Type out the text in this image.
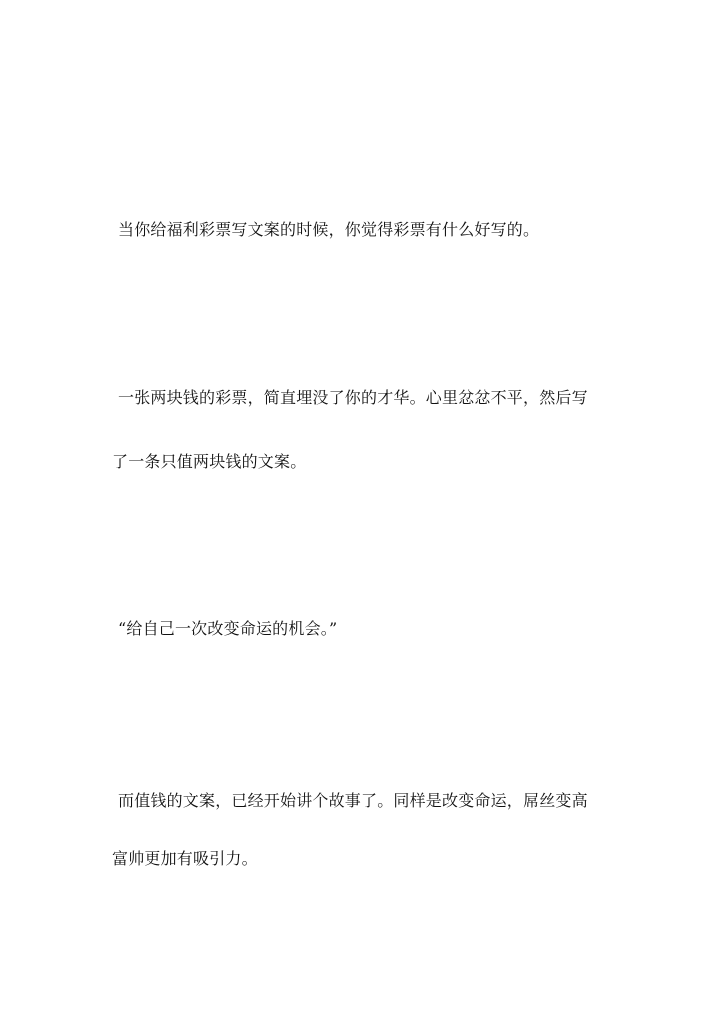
当你给福利彩票写文案的时候，你觉得彩票有什么好写的。
一张两块钱的彩票，简直埋没了你的才华。心里忿忿不平，然后写
了一条只值两块钱的文案。
“给自己一次改变命运的机会。”
而值钱的文案，已经开始讲个故事了。同样是改变命运，屌丝变高
富帅更加有吸引力。
